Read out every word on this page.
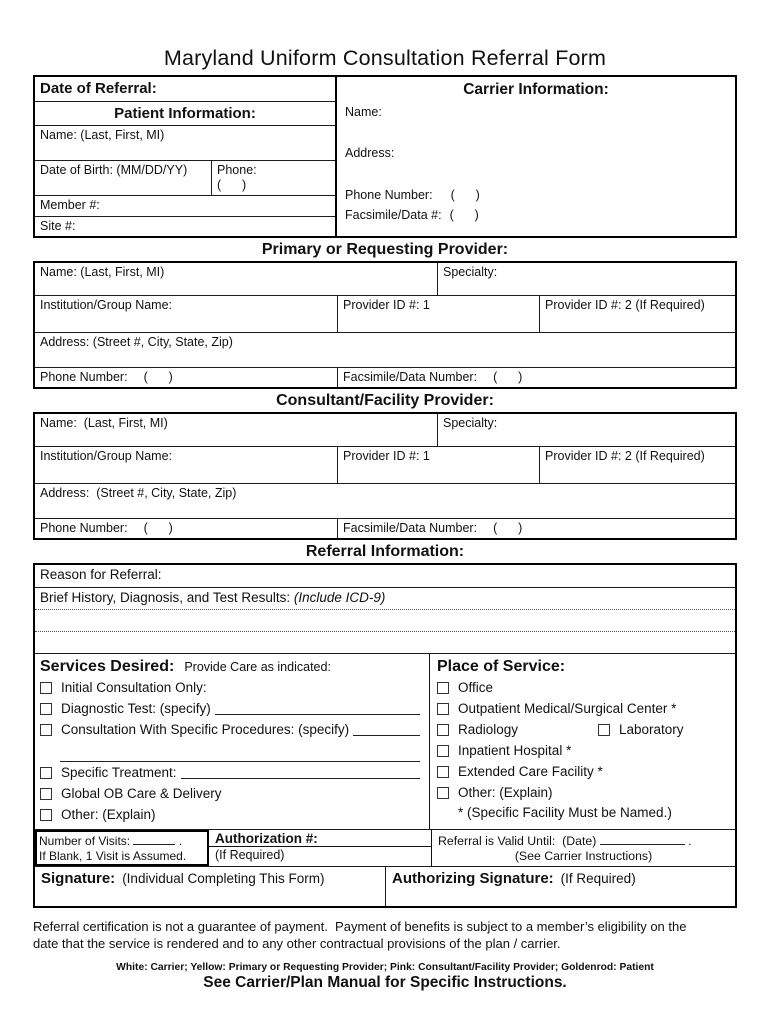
Maryland Uniform Consultation Referral Form
Date of Referral:
Patient Information:
Name: (Last, First, MI)
Date of Birth: (MM/DD/YY)	Phone:
(      )
Member #:
Site #:
Carrier Information:
Name:
Address:
Phone Number: (      )
Facsimile/Data #: (      )
Primary or Requesting Provider:
Name: (Last, First, MI)	Specialty:
Institution/Group Name:	Provider ID #: 1	Provider ID #: 2 (If Required)
Address: (Street #, City, State, Zip)
Phone Number: (      )	Facsimile/Data Number: (      )
Consultant/Facility Provider:
Name:  (Last, First, MI)	Specialty:
Institution/Group Name:	Provider ID #: 1	Provider ID #: 2 (If Required)
Address:  (Street #, City, State, Zip)
Phone Number: (      )	Facsimile/Data Number: (      )
Referral Information:
Reason for Referral:
Brief History, Diagnosis, and Test Results: (Include ICD-9)
Services Desired: Provide Care as indicated:
Initial Consultation Only:
Diagnostic Test: (specify)
Consultation With Specific Procedures: (specify)
Specific Treatment:
Global OB Care & Delivery
Other: (Explain)
Place of Service:
Office
Outpatient Medical/Surgical Center *
Radiology	Laboratory
Inpatient Hospital *
Extended Care Facility *
Other: (Explain)
* (Specific Facility Must be Named.)
Number of Visits:	.
If Blank, 1 Visit is Assumed.
Authorization #:
(If Required)
Referral is Valid Until:  (Date)	.
(See Carrier Instructions)
Signature: (Individual Completing This Form)	Authorizing Signature: (If Required)
Referral certification is not a guarantee of payment.  Payment of benefits is subject to a member’s eligibility on the
date that the service is rendered and to any other contractual provisions of the plan / carrier.
White: Carrier; Yellow: Primary or Requesting Provider; Pink: Consultant/Facility Provider; Goldenrod: Patient
See Carrier/Plan Manual for Specific Instructions.
